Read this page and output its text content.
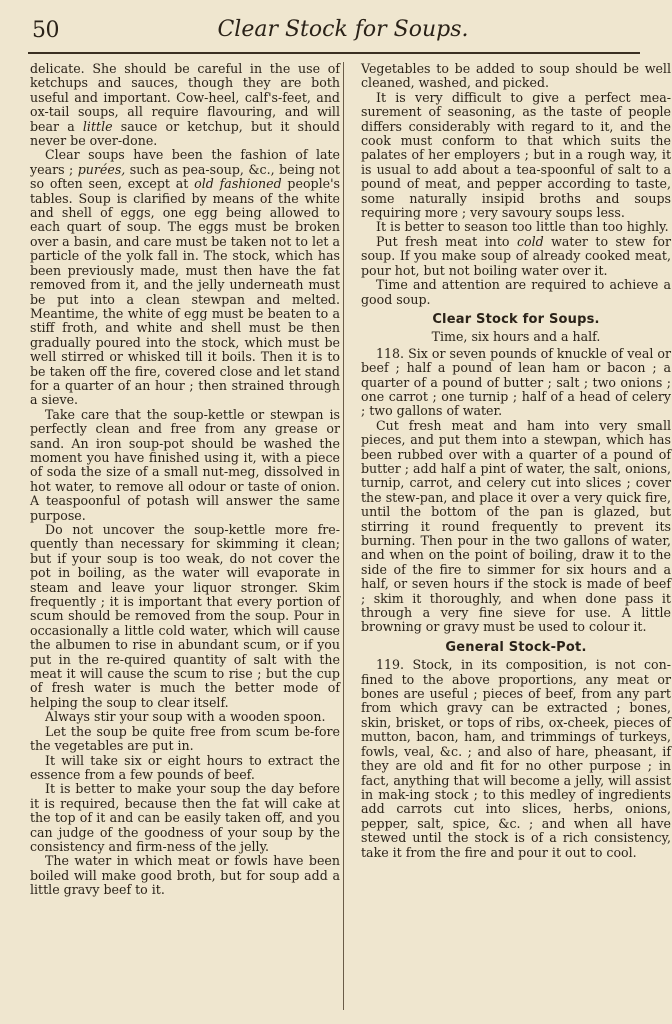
50	Clear Stock for Soups.

delicate. She should be careful in the use of ketchups and sauces, though they are both useful and important. Cow-heel, calf's-feet, and ox-tail soups, all require flavouring, and will bear a little sauce or ketchup, but it should never be over-done.

Clear soups have been the fashion of late years ; purées, such as pea-soup, &c., being not so often seen, except at old fashioned people's tables. Soup is clarified by means of the white and shell of eggs, one egg being allowed to each quart of soup. The eggs must be broken over a basin, and care must be taken not to let a particle of the yolk fall in. The stock, which has been previously made, must then have the fat removed from it, and the jelly underneath must be put into a clean stewpan and melted. Meantime, the white of egg must be beaten to a stiff froth, and white and shell must be then gradually poured into the stock, which must be well stirred or whisked till it boils. Then it is to be taken off the fire, covered close and let stand for a quarter of an hour ; then strained through a sieve.

Take care that the soup-kettle or stewpan is perfectly clean and free from any grease or sand. An iron soup-pot should be washed the moment you have finished using it, with a piece of soda the size of a small nut-meg, dissolved in hot water, to remove all odour or taste of onion. A teaspoonful of potash will answer the same purpose.

Do not uncover the soup-kettle more fre-quently than necessary for skimming it clean; but if your soup is too weak, do not cover the pot in boiling, as the water will evaporate in steam and leave your liquor stronger. Skim frequently ; it is important that every portion of scum should be removed from the soup. Pour in occasionally a little cold water, which will cause the albumen to rise in abundant scum, or if you put in the re-quired quantity of salt with the meat it will cause the scum to rise ; but the cup of fresh water is much the better mode of helping the soup to clear itself.

Always stir your soup with a wooden spoon.

Let the soup be quite free from scum be-fore the vegetables are put in.

It will take six or eight hours to extract the essence from a few pounds of beef.

It is better to make your soup the day before it is required, because then the fat will cake at the top of it and can be easily taken off, and you can judge of the goodness of your soup by the consistency and firm-ness of the jelly.

The water in which meat or fowls have been boiled will make good broth, but for soup add a little gravy beef to it.

Vegetables to be added to soup should be well cleaned, washed, and picked.

It is very difficult to give a perfect mea-surement of seasoning, as the taste of people differs considerably with regard to it, and the cook must conform to that which suits the palates of her employers ; but in a rough way, it is usual to add about a tea-spoonful of salt to a pound of meat, and pepper according to taste, some naturally insipid broths and soups requiring more ; very savoury soups less.

It is better to season too little than too highly.

Put fresh meat into cold water to stew for soup. If you make soup of already cooked meat, pour hot, but not boiling water over it.

Time and attention are required to achieve a good soup.

Clear Stock for Soups.

Time, six hours and a half.

118. Six or seven pounds of knuckle of veal or beef ; half a pound of lean ham or bacon ; a quarter of a pound of butter ; salt ; two onions ; one carrot ; one turnip ; half of a head of celery ; two gallons of water.

Cut fresh meat and ham into very small pieces, and put them into a stewpan, which has been rubbed over with a quarter of a pound of butter ; add half a pint of water, the salt, onions, turnip, carrot, and celery cut into slices ; cover the stew-pan, and place it over a very quick fire, until the bottom of the pan is glazed, but stirring it round frequently to prevent its burning. Then pour in the two gallons of water, and when on the point of boiling, draw it to the side of the fire to simmer for six hours and a half, or seven hours if the stock is made of beef ; skim it thoroughly, and when done pass it through a very fine sieve for use. A little browning or gravy must be used to colour it.

General Stock-Pot.

119. Stock, in its composition, is not con-fined to the above proportions, any meat or bones are useful ; pieces of beef, from any part from which gravy can be extracted ; bones, skin, brisket, or tops of ribs, ox-cheek, pieces of mutton, bacon, ham, and trimmings of turkeys, fowls, veal, &c. ; and also of hare, pheasant, if they are old and fit for no other purpose ; in fact, anything that will become a jelly, will assist in mak-ing stock ; to this medley of ingredients add carrots cut into slices, herbs, onions, pepper, salt, spice, &c. ; and when all have stewed until the stock is of a rich consistency, take it from the fire and pour it out to cool.
